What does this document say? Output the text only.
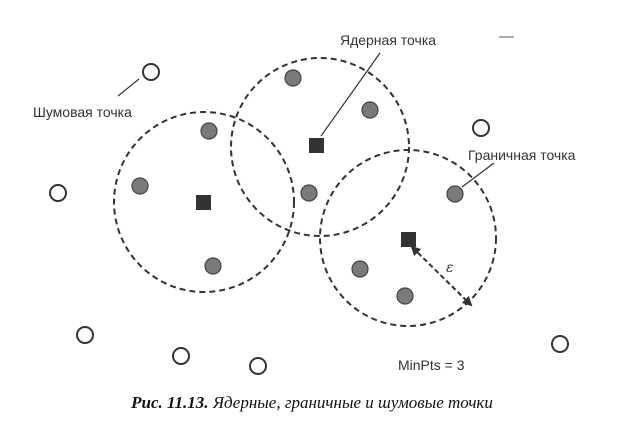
Ядерная точка
Шумовая точка
Граничная точка
ε
MinPts = 3
Рис. 11.13. Ядерные, граничные и шумовые точки
